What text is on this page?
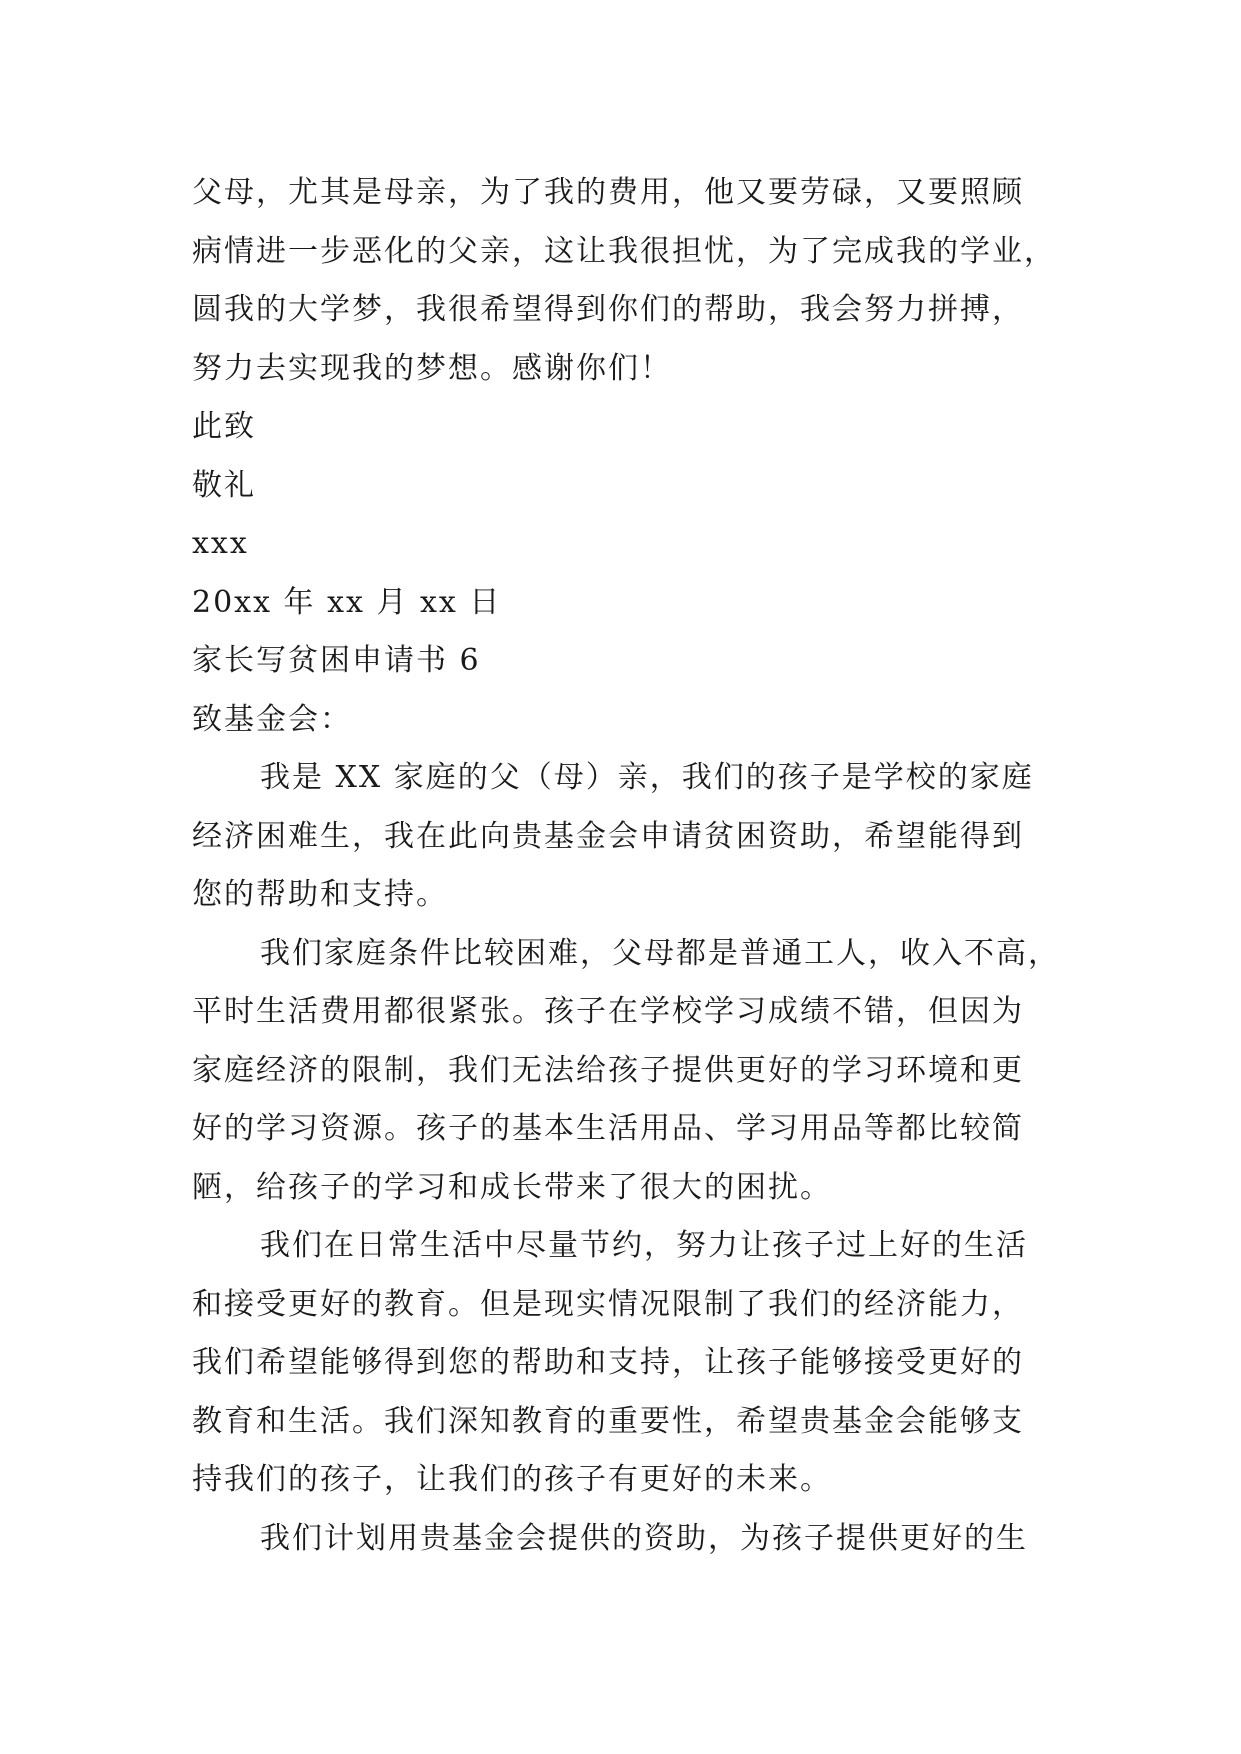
父母，尤其是母亲，为了我的费用，他又要劳碌，又要照顾
病情进一步恶化的父亲，这让我很担忧，为了完成我的学业，
圆我的大学梦，我很希望得到你们的帮助，我会努力拼搏，
努力去实现我的梦想。感谢你们！
此致
敬礼
xxx
20xx 年 xx 月 xx 日
家长写贫困申请书 6
致基金会：
我是 XX 家庭的父（母）亲，我们的孩子是学校的家庭
经济困难生，我在此向贵基金会申请贫困资助，希望能得到
您的帮助和支持。
我们家庭条件比较困难，父母都是普通工人，收入不高，
平时生活费用都很紧张。孩子在学校学习成绩不错，但因为
家庭经济的限制，我们无法给孩子提供更好的学习环境和更
好的学习资源。孩子的基本生活用品、学习用品等都比较简
陋，给孩子的学习和成长带来了很大的困扰。
我们在日常生活中尽量节约，努力让孩子过上好的生活
和接受更好的教育。但是现实情况限制了我们的经济能力，
我们希望能够得到您的帮助和支持，让孩子能够接受更好的
教育和生活。我们深知教育的重要性，希望贵基金会能够支
持我们的孩子，让我们的孩子有更好的未来。
我们计划用贵基金会提供的资助，为孩子提供更好的生
